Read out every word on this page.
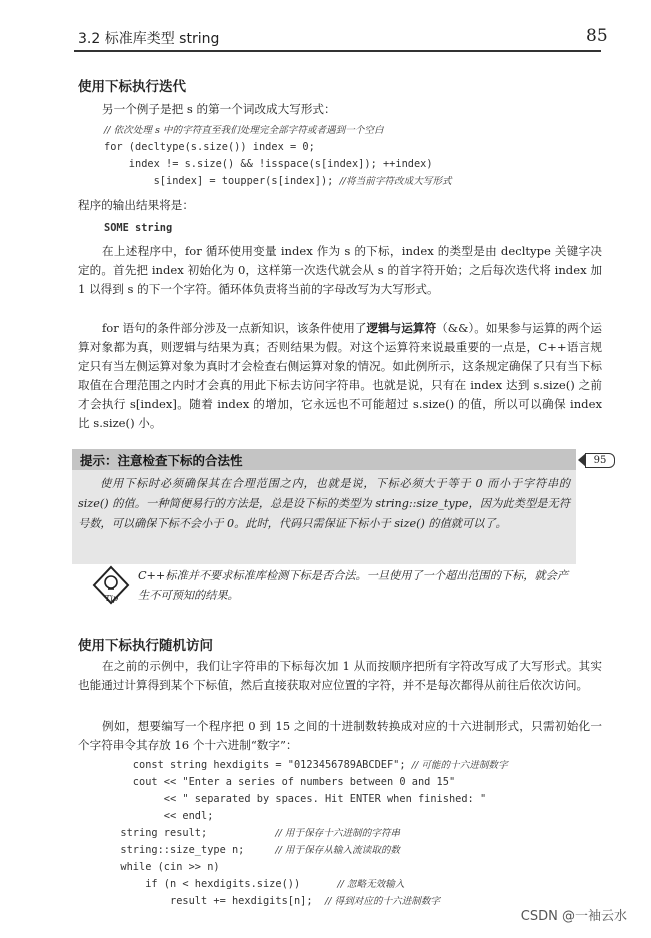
3.2 标准库类型 string	85
使用下标执行迭代
另一个例子是把 s 的第一个词改成大写形式：
// 依次处理 s 中的字符直至我们处理完全部字符或者遇到一个空白
for (decltype(s.size()) index = 0;
index != s.size() && !isspace(s[index]); ++index)
s[index] = toupper(s[index]); //将当前字符改成大写形式
程序的输出结果将是：
SOME string
在上述程序中，for 循环使用变量 index 作为 s 的下标，index 的类型是由 decltype 关键字决定的。首先把 index 初始化为 0，这样第一次迭代就会从 s 的首字符开始；之后每次迭代将 index 加 1 以得到 s 的下一个字符。循环体负责将当前的字母改写为大写形式。
for 语句的条件部分涉及一点新知识，该条件使用了逻辑与运算符（&&）。如果参与运算的两个运算对象都为真，则逻辑与结果为真；否则结果为假。对这个运算符来说最重要的一点是，C++语言规定只有当左侧运算对象为真时才会检查右侧运算对象的情况。如此例所示，这条规定确保了只有当下标取值在合理范围之内时才会真的用此下标去访问字符串。也就是说，只有在 index 达到 s.size() 之前才会执行 s[index]。随着 index 的增加，它永远也不可能超过 s.size() 的值，所以可以确保 index 比 s.size() 小。
提示：注意检查下标的合法性	95
使用下标时必须确保其在合理范围之内，也就是说，下标必须大于等于 0 而小于字符串的 size() 的值。一种简便易行的方法是，总是设下标的类型为 string::size_type，因为此类型是无符号数，可以确保下标不会小于 0。此时，代码只需保证下标小于 size() 的值就可以了。
Tip
C++标准并不要求标准库检测下标是否合法。一旦使用了一个超出范围的下标，就会产生不可预知的结果。
使用下标执行随机访问
在之前的示例中，我们让字符串的下标每次加 1 从而按顺序把所有字符改写成了大写形式。其实也能通过计算得到某个下标值，然后直接获取对应位置的字符，并不是每次都得从前往后依次访问。
例如，想要编写一个程序把 0 到 15 之间的十进制数转换成对应的十六进制形式，只需初始化一个字符串令其存放 16 个十六进制“数字”：
const string hexdigits = "0123456789ABCDEF"; // 可能的十六进制数字
cout << "Enter a series of numbers between 0 and 15"
<< " separated by spaces. Hit ENTER when finished: "
<< endl;
string result;           // 用于保存十六进制的字符串
string::size_type n;     // 用于保存从输入流读取的数
while (cin >> n)
if (n < hexdigits.size())      // 忽略无效输入
result += hexdigits[n];  // 得到对应的十六进制数字
CSDN @一袖云水
